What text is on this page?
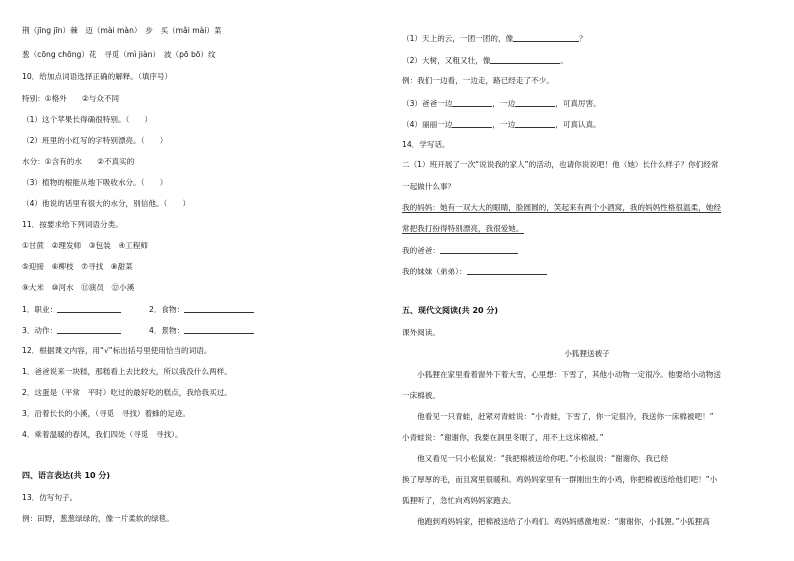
荆（jīng jīn）棘　迈（mài màn）　步　买（mǎi mài）菜
葱（cōng chōng）花　寻觅（mì jiàn）　波（pō bō）纹
10．给加点词语选择正确的解释。（填序号）
特别：①格外　　②与众不同
（1）这个苹果长得确很特别。（　　）
（2）班里的小红写的字特别漂亮。（　　）
水分：①含有的水　　②不真实的
（3）植物的根能从地下吸收水分。（　　）
（4）他说的话里有很大的水分，别信他。（　　）
11．按要求给下列词语分类。
①甘蔗　②理发师　③包装　④工程师
⑤迎接　⑥柳枝　⑦寻找　⑧甜菜
⑨大米　⑩河水　⑪演员　⑫小溪
1．职业：	2．食物：
3．动作：	4．景物：
12．根据课文内容，用“√”标出括号里使用恰当的词语。
1．爸爸说来一块糕，那糕看上去比较大，所以我没什么两样。
2．这蛋是（平常　平时）吃过的最好吃的糕点，我给我买过。
3．沿着长长的小溪，（寻觅　寻找）着蜂的足迹。
4．乘着温暖的春风，我们四处（寻觅　寻找）。
四、语言表达(共 10 分)
13．仿写句子。
例：田野，葱葱绿绿的，像一片柔软的绿毯。
（1）天上的云，一团一团的，像	？
（2）大树，又粗又壮，像	。
例：我们一边看，一边走，路已经走了不少。
（3）爸爸一边	，一边	，可真厉害。
（4）丽丽一边	，一边	，可真认真。
14．学写话。
二（1）班开展了一次“说说我的家人”的活动，也请你说说吧！他（她）长什么样子？你们经常
一起做什么事？
我的妈妈：她有一双大大的眼睛，脸圆圆的，笑起来有两个小酒窝，我的妈妈性格很温柔，她经
常把我打扮得特别漂亮，我很爱她。
我的爸爸：
我的妹妹（弟弟）：
五、现代文阅读(共 20 分)
课外阅读。
小狐狸送被子
　　小狐狸在家里看着窗外下着大雪，心里想：下雪了，其他小动物一定很冷。他要给小动物送
一床棉被。
　　他看见一只青蛙，赶紧对青蛙说：“小青蛙，下雪了，你一定很冷，我送你一床棉被吧！”
小青蛙说：“谢谢你，我要在洞里冬眠了，用不上这床棉被。”
　　他又看见一只小松鼠说：“我把棉被送给你吧。”小松鼠说：“谢谢你，我已经
换了厚厚的毛，而且窝里很暖和。鸡妈妈家里有一群刚出生的小鸡，你把棉被送给他们吧！”小
狐狸听了，急忙向鸡妈妈家跑去。
　　他跑到鸡妈妈家，把棉被送给了小鸡们。鸡妈妈感激地说：“谢谢你，小狐狸。”小狐狸高
